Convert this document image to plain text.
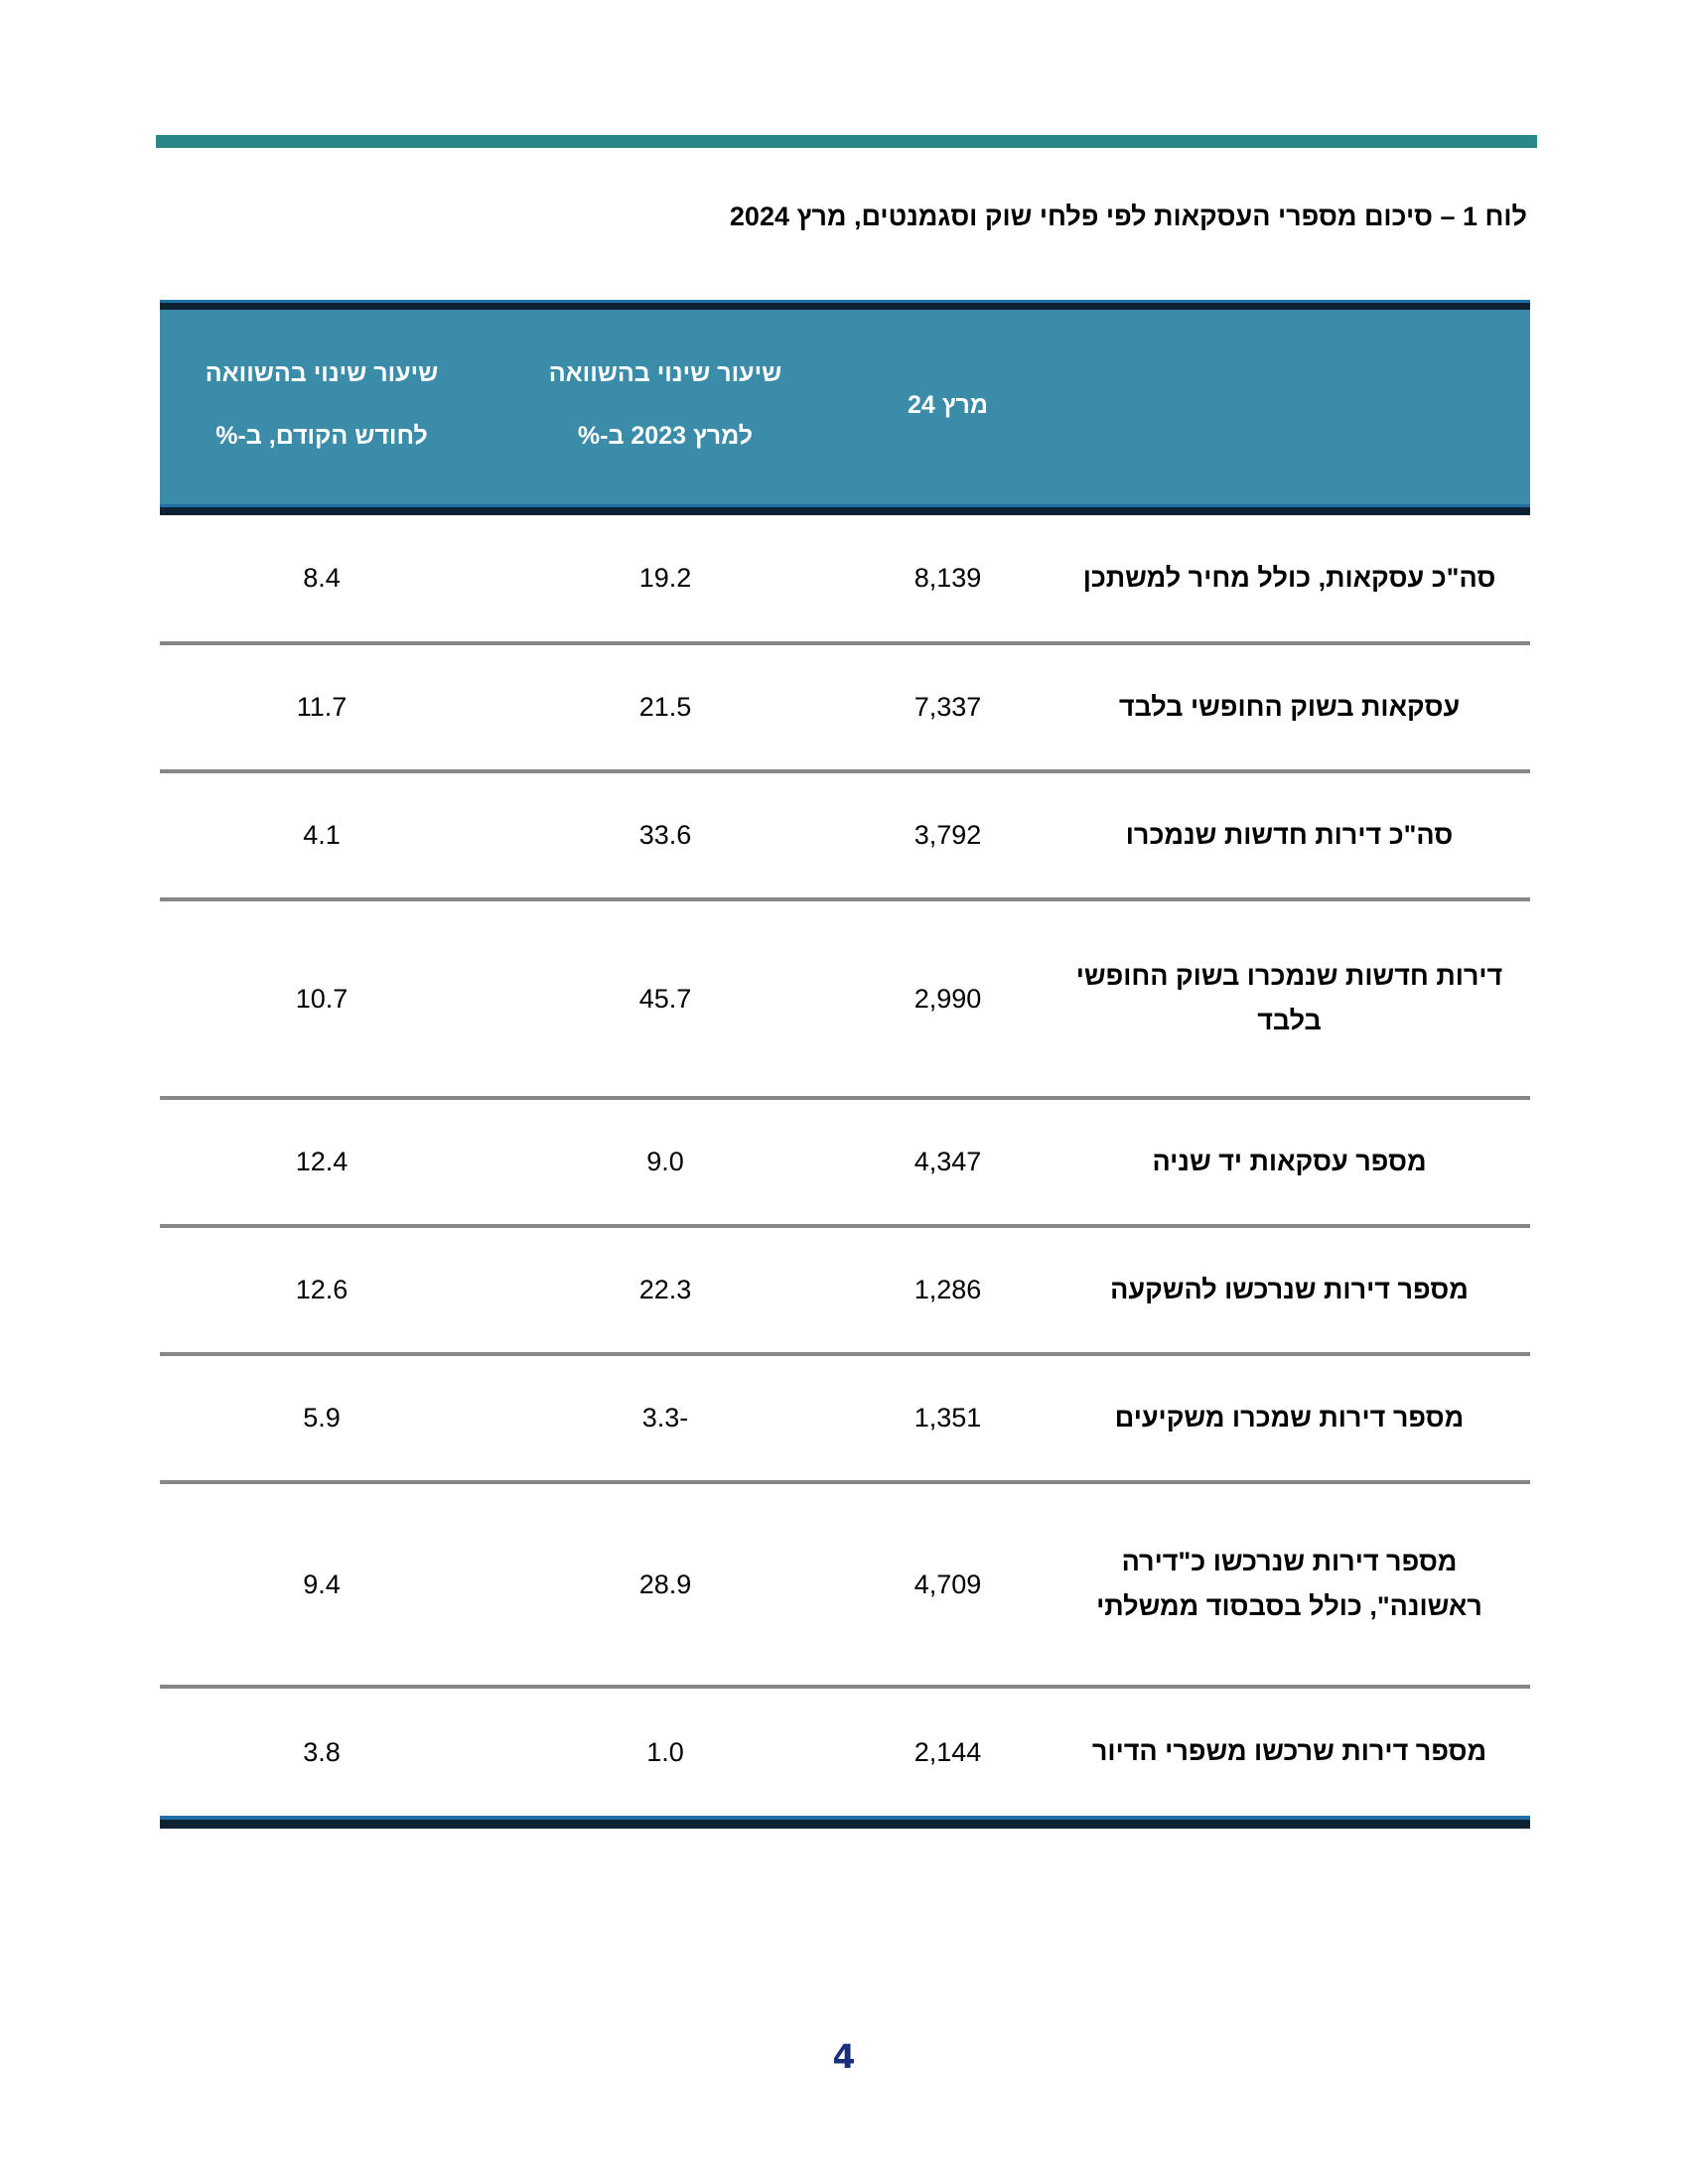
לוח 1 – סיכום מספרי העסקאות לפי פלחי שוק וסגמנטים, מרץ 2024
מרץ 24
שיעור שינוי בהשוואה
למרץ 2023 ב-%
שיעור שינוי בהשוואה
לחודש הקודם, ב-%
סה"כ עסקאות, כולל מחיר למשתכן
8,139
19.2
8.4
עסקאות בשוק החופשי בלבד
7,337
21.5
11.7
סה"כ דירות חדשות שנמכרו
3,792
33.6
4.1
דירות חדשות שנמכרו בשוק החופשי
בלבד
2,990
45.7
10.7
מספר עסקאות יד שניה
4,347
9.0
12.4
מספר דירות שנרכשו להשקעה
1,286
22.3
12.6
מספר דירות שמכרו משקיעים
1,351
-3.3
5.9
מספר דירות שנרכשו כ"דירה
ראשונה", כולל בסבסוד ממשלתי
4,709
28.9
9.4
מספר דירות שרכשו משפרי הדיור
2,144
1.0
3.8
4
